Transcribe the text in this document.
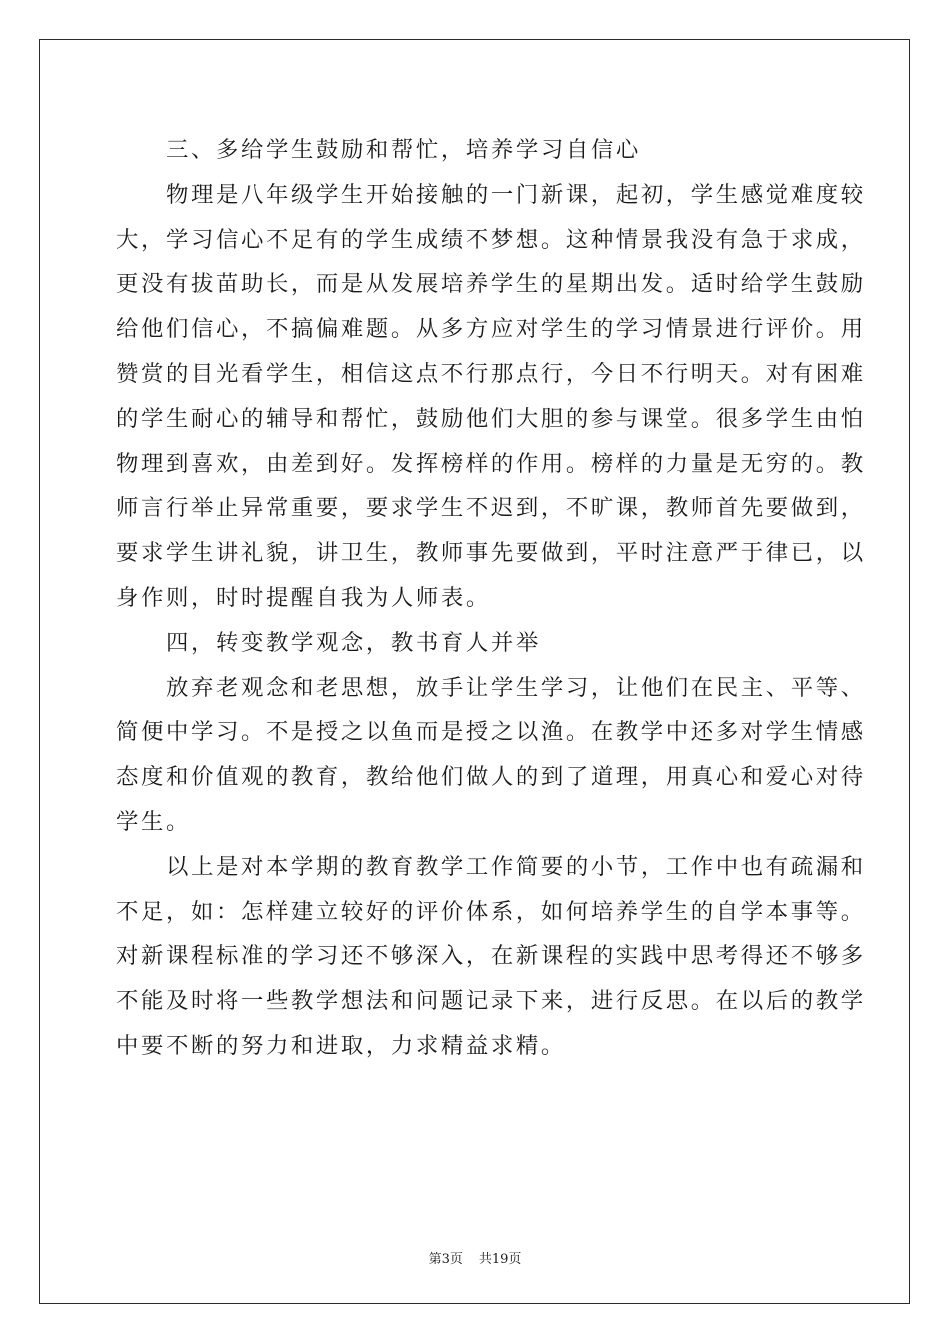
三、多给学生鼓励和帮忙，培养学习自信心
物理是八年级学生开始接触的一门新课，起初，学生感觉难度较
大，学习信心不足有的学生成绩不梦想。这种情景我没有急于求成，
更没有拔苗助长，而是从发展培养学生的星期出发。适时给学生鼓励
给他们信心，不搞偏难题。从多方应对学生的学习情景进行评价。用
赞赏的目光看学生，相信这点不行那点行，今日不行明天。对有困难
的学生耐心的辅导和帮忙，鼓励他们大胆的参与课堂。很多学生由怕
物理到喜欢，由差到好。发挥榜样的作用。榜样的力量是无穷的。教
师言行举止异常重要，要求学生不迟到，不旷课，教师首先要做到，
要求学生讲礼貌，讲卫生，教师事先要做到，平时注意严于律已，以
身作则，时时提醒自我为人师表。
四，转变教学观念，教书育人并举
放弃老观念和老思想，放手让学生学习，让他们在民主、平等、
简便中学习。不是授之以鱼而是授之以渔。在教学中还多对学生情感
态度和价值观的教育，教给他们做人的到了道理，用真心和爱心对待
学生。
以上是对本学期的教育教学工作简要的小节，工作中也有疏漏和
不足，如：怎样建立较好的评价体系，如何培养学生的自学本事等。
对新课程标准的学习还不够深入，在新课程的实践中思考得还不够多
不能及时将一些教学想法和问题记录下来，进行反思。在以后的教学
中要不断的努力和进取，力求精益求精。
第3页 共19页
